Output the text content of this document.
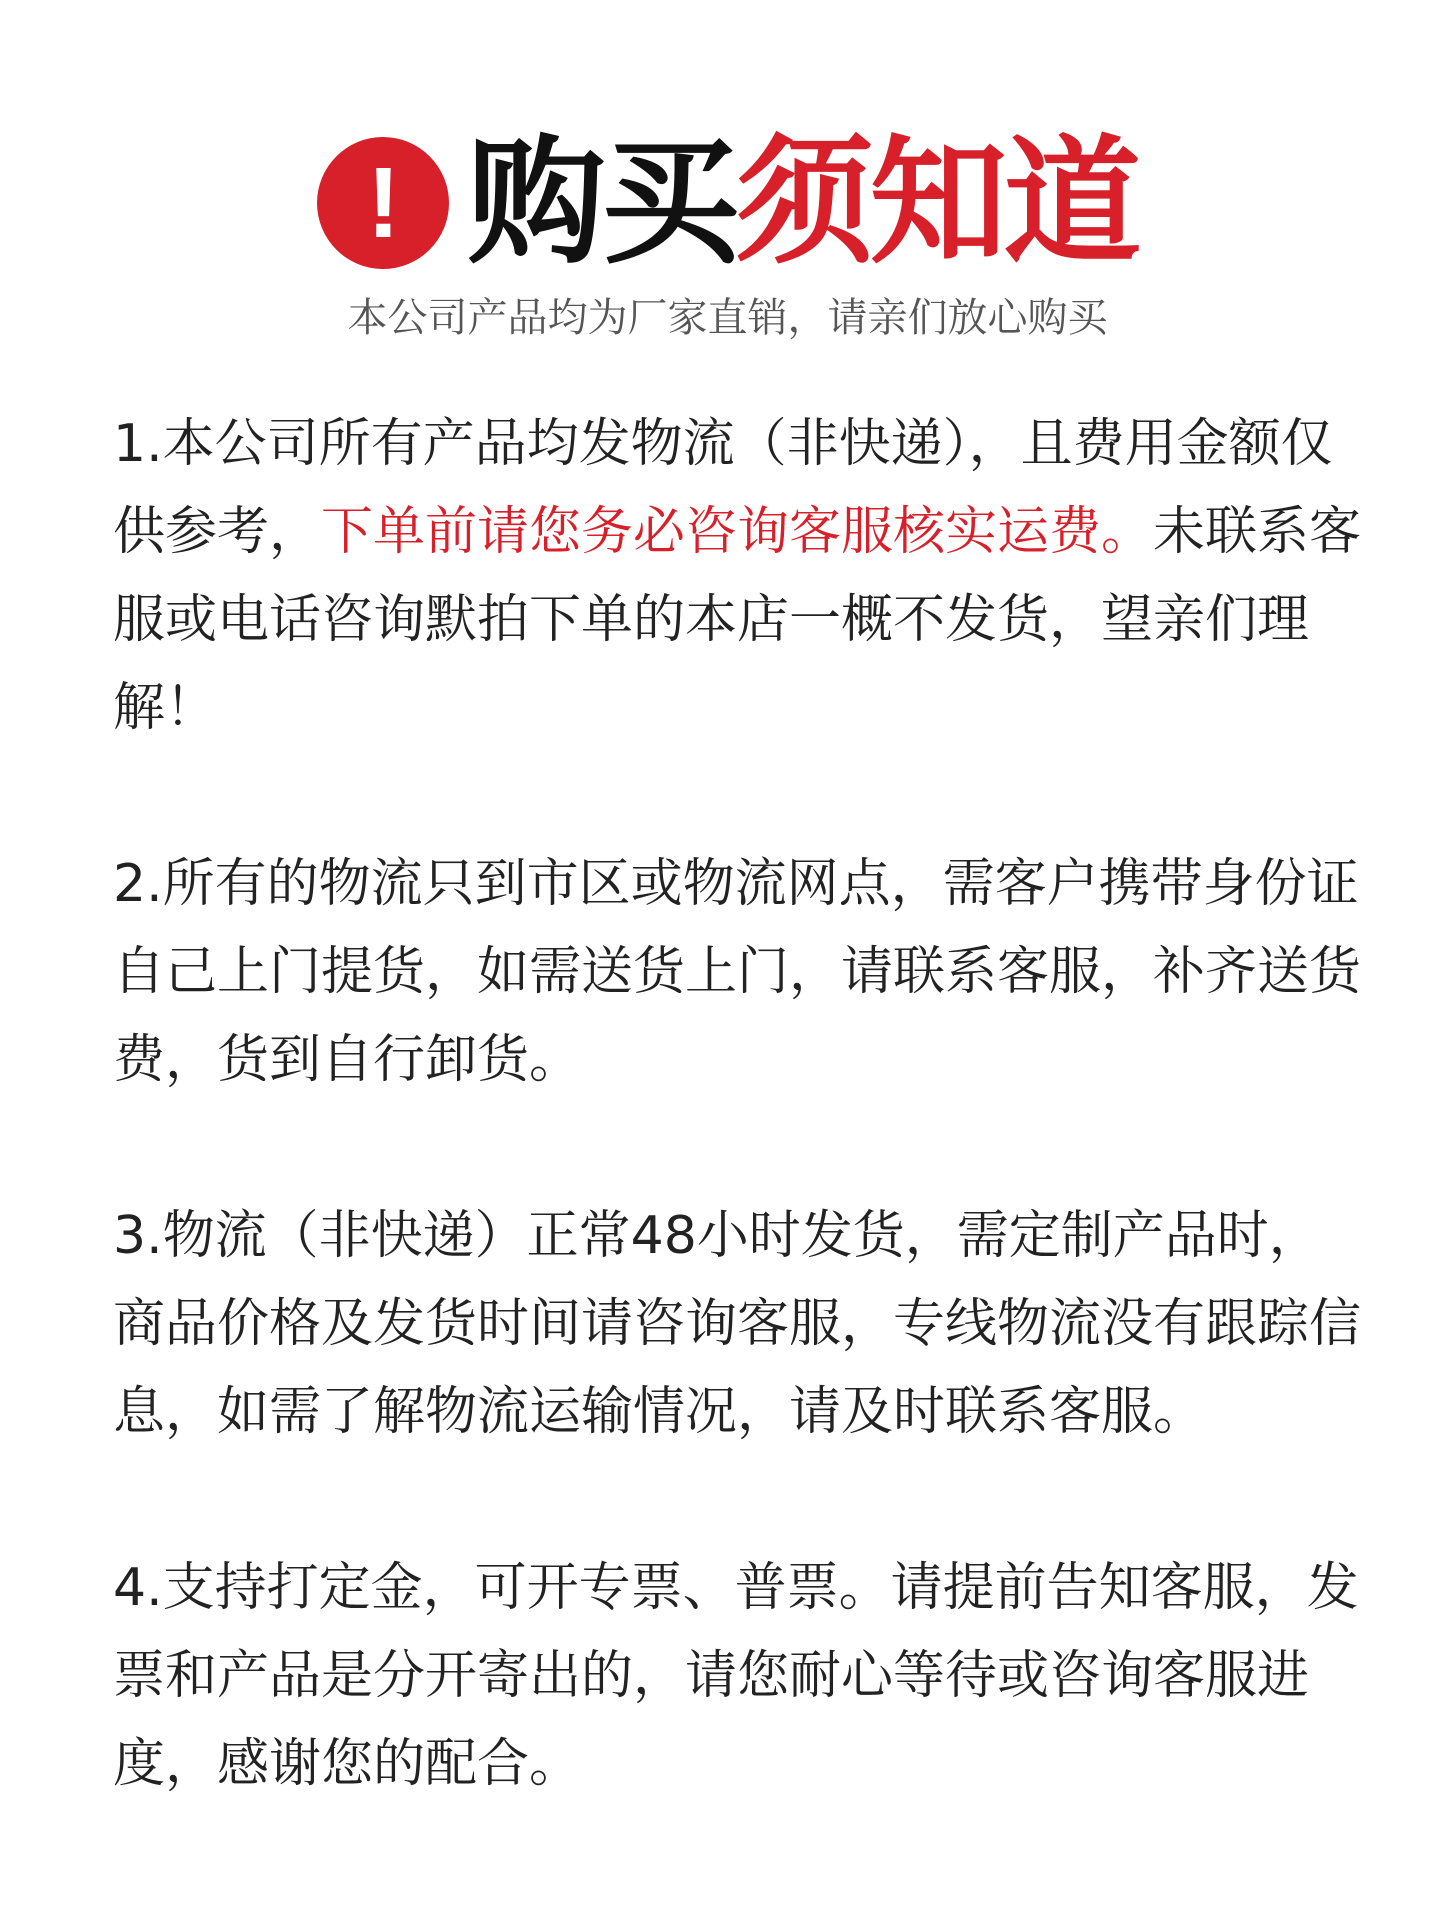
! 购买须知道
本公司产品均为厂家直销，请亲们放心购买

1.本公司所有产品均发物流（非快递），且费用金额仅供参考，下单前请您务必咨询客服核实运费。未联系客服或电话咨询默拍下单的本店一概不发货，望亲们理解！

2.所有的物流只到市区或物流网点，需客户携带身份证自己上门提货，如需送货上门，请联系客服，补齐送货费，货到自行卸货。

3.物流（非快递）正常48小时发货，需定制产品时，商品价格及发货时间请咨询客服，专线物流没有跟踪信息，如需了解物流运输情况，请及时联系客服。

4.支持打定金，可开专票、普票。请提前告知客服，发票和产品是分开寄出的，请您耐心等待或咨询客服进度，感谢您的配合。
